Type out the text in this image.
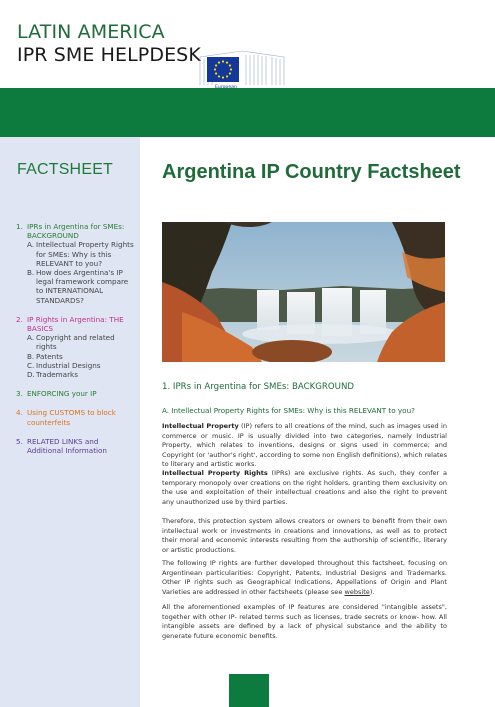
LATIN AMERICA
IPR SME HELPDESK
FACTSHEET
1. IPRs in Argentina for SMEs: BACKGROUND
A. Intellectual Property Rights for SMEs: Why is this RELEVANT to you?
B. How does Argentina's IP legal framework compare to INTERNATIONAL STANDARDS?
2. IP Rights in Argentina: THE BASICS
A. Copyright and related rights
B. Patents
C. Industrial Designs
D. Trademarks
3. ENFORCING your IP
4. Using CUSTOMS to block counterfeits
5. RELATED LINKS and Additional Information
Argentina IP Country Factsheet
1. IPRs in Argentina for SMEs: BACKGROUND
A. Intellectual Property Rights for SMEs: Why is this RELEVANT to you?
Intellectual Property (IP) refers to all creations of the mind, such as images used in commerce or music. IP is usually divided into two categories, namely Industrial Property, which relates to inventions, designs or signs used in commerce; and Copyright (or 'author's right', according to some non English definitions), which relates to literary and artistic works.
Intellectual Property Rights (IPRs) are exclusive rights. As such, they confer a temporary monopoly over creations on the right holders, granting them exclusivity on the use and exploitation of their intellectual creations and also the right to prevent any unauthorized use by third parties.
Therefore, this protection system allows creators or owners to benefit from their own intellectual work or investments in creations and innovations, as well as to protect their moral and economic interests resulting from the authorship of scientific, literary or artistic productions.
The following IP rights are further developed throughout this factsheet, focusing on Argentinean particularities: Copyright, Patents, Industrial Designs and Trademarks. Other IP rights such as Geographical Indications, Appellations of Origin and Plant Varieties are addressed in other factsheets (please see website).
All the aforementioned examples of IP features are considered "intangible assets", together with other IP- related terms such as licenses, trade secrets or know- how. All intangible assets are defined by a lack of physical substance and the ability to generate future economic benefits.
